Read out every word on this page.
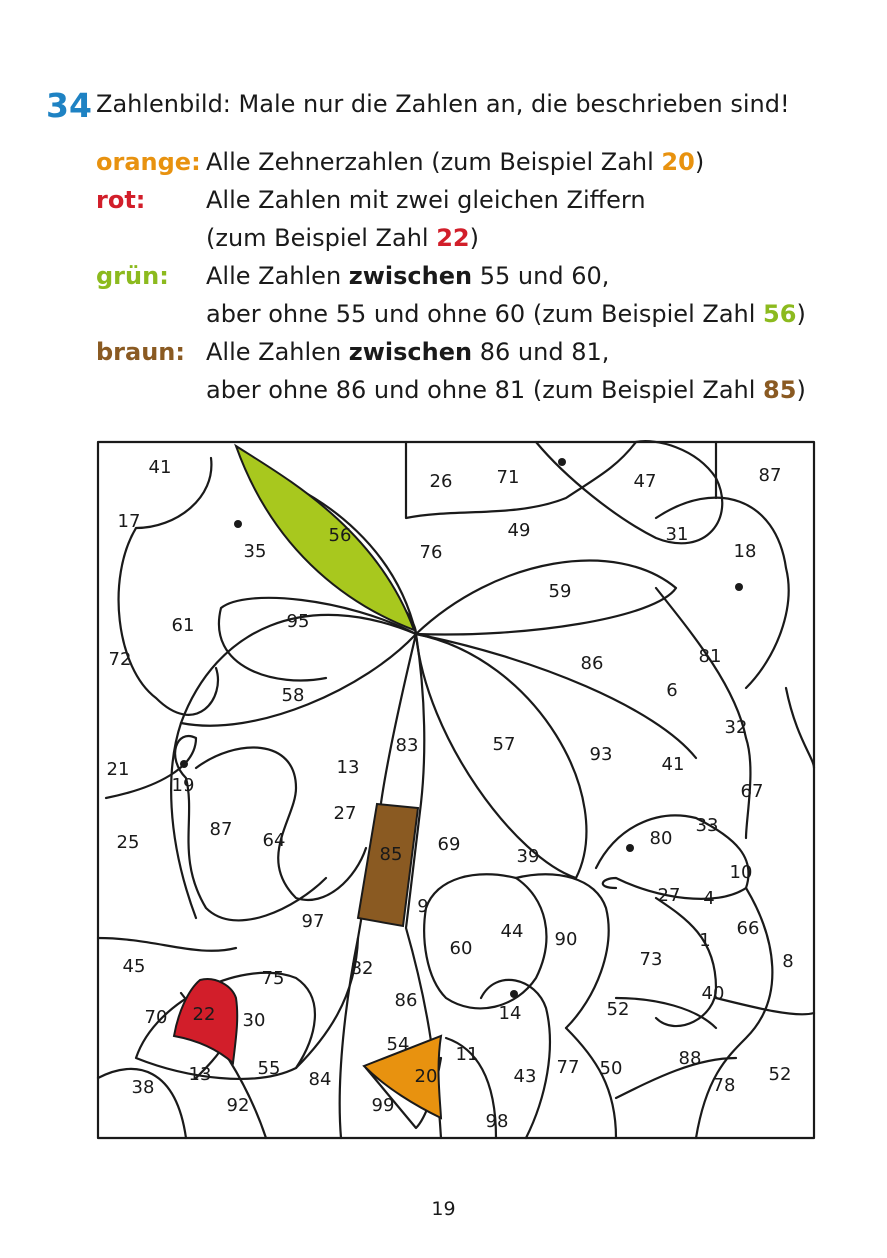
34 Zahlenbild: Male nur die Zahlen an, die beschrieben sind!
orange: Alle Zehnerzahlen (zum Beispiel Zahl 20)
rot:	Alle Zahlen mit zwei gleichen Ziffern
(zum Beispiel Zahl 22)
grün: Alle Zahlen zwischen 55 und 60,
aber ohne 55 und ohne 60 (zum Beispiel Zahl 56)
braun: Alle Zahlen zwischen 86 und 81,
aber ohne 86 und ohne 81 (zum Beispiel Zahl 85)
41
17
35
56
26 71	47	87
76
49	31
18
59
61	95
72	86	81
58	6
83	57	93
32
21
19
13	41
67
27
25
87
64
85 69	80
33
39
10
27 4
97
9
60
44 90
66
45
1
75	82	73	8
70 22 30
86
14
40
52
54	11
13	55
84	20	43 77 50	88
38
92	99
78
52
98
19
